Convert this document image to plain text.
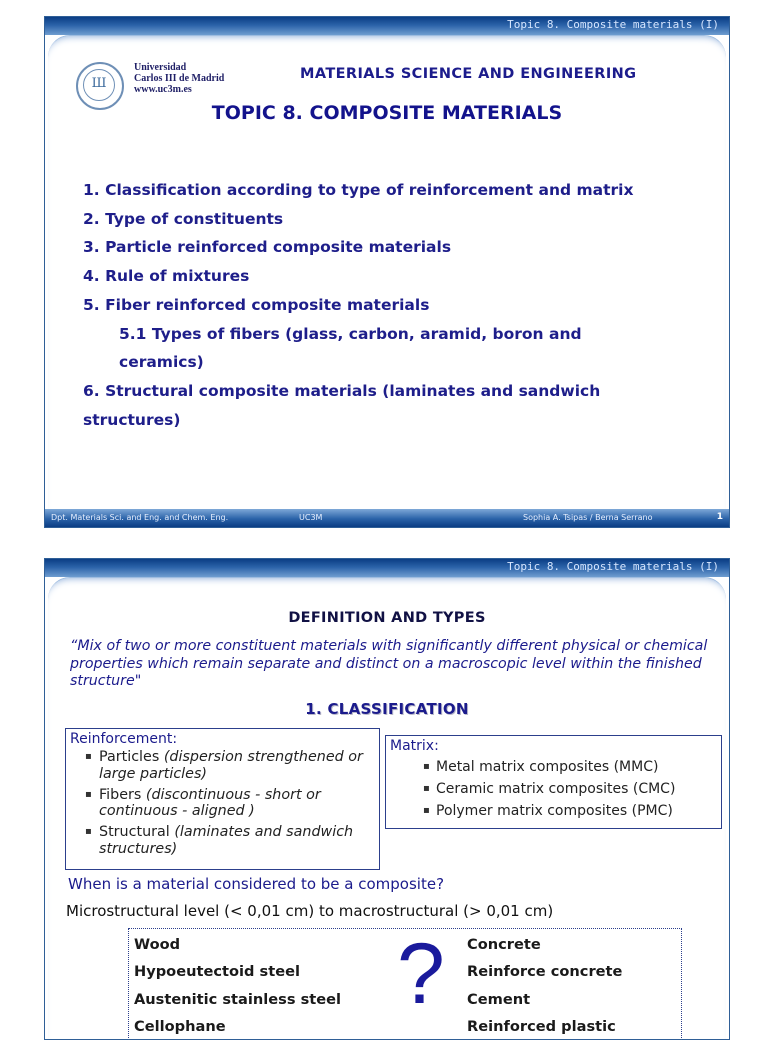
Topic 8. Composite materials (I)
Ш
Universidad
Carlos III de Madrid
www.uc3m.es
MATERIALS SCIENCE AND ENGINEERING
TOPIC 8. COMPOSITE MATERIALS
1. Classification according to type of reinforcement and matrix
2. Type of constituents
3. Particle reinforced composite materials
4. Rule of mixtures
5. Fiber reinforced composite materials
5.1 Types of fibers (glass, carbon, aramid, boron and
ceramics)
6. Structural composite materials (laminates and sandwich
structures)
Dpt. Materials Sci. and Eng. and Chem. Eng.	UC3M	Sophia A. Tsipas / Berna Serrano	1
Topic 8. Composite materials (I)
DEFINITION AND TYPES
“Mix of two or more constituent materials with significantly different physical or chemical properties which remain separate and distinct on a macroscopic level within the finished structure"
1. CLASSIFICATION
Reinforcement:
▪ Particles (dispersion strengthened or large particles)
▪ Fibers (discontinuous - short or continuous - aligned )
▪ Structural (laminates and sandwich structures)
Matrix:
▪ Metal matrix composites (MMC)
▪ Ceramic matrix composites (CMC)
▪ Polymer matrix composites (PMC)
When is a material considered to be a composite?
Microstructural level (< 0,01 cm) to macrostructural (> 0,01 cm)
Wood
Hypoeutectoid steel
Austenitic stainless steel
Cellophane
? Concrete
Reinforce concrete
Cement
Reinforced plastic
